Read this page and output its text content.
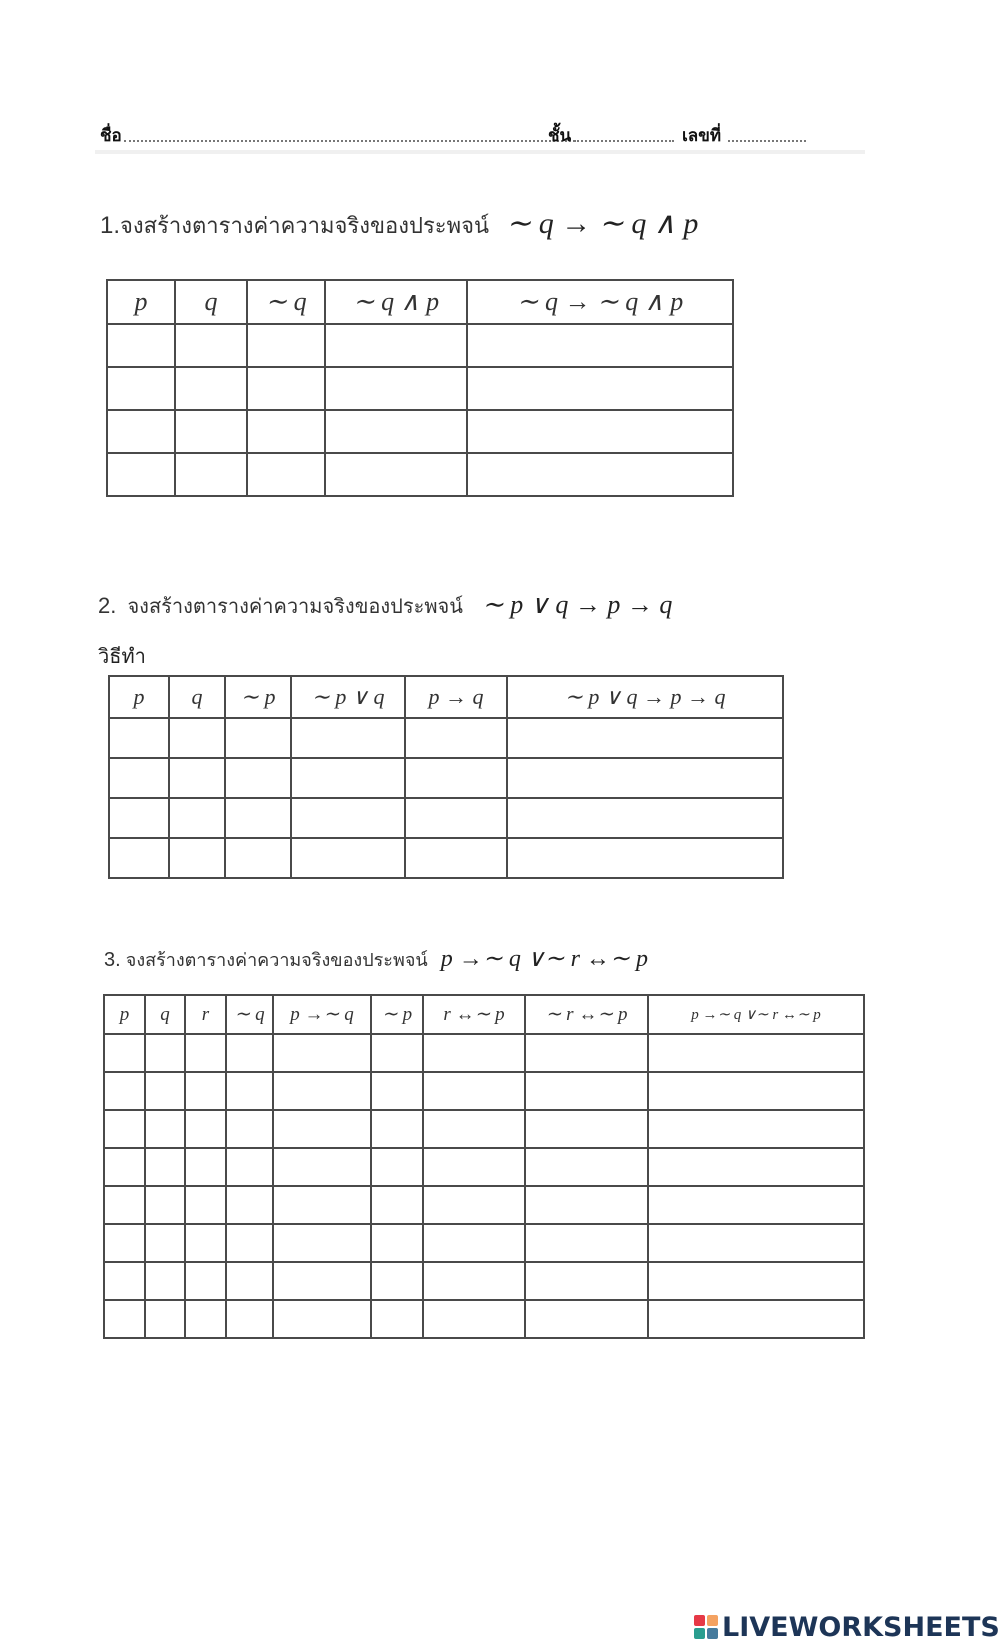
ชื่อ	ชั้น	เลขที่
1.จงสร้างตารางค่าความจริงของประพจน์ ∼ q → ∼ q ∧ p
p	q	∼ q	∼ q ∧ p	∼ q → ∼ q ∧ p

2. จงสร้างตารางค่าความจริงของประพจน์ ∼ p ∨ q → p → q
วิธีทำ
p	q	∼ p	∼ p ∨ q	p → q	∼ p ∨ q → p → q

3. จงสร้างตารางค่าความจริงของประพจน์ p →∼ q ∨∼ r ↔∼ p
p	q	r	∼ q	p →∼ q	∼ p	r ↔∼ p	∼ r ↔∼ p	p →∼ q ∨∼ r ↔∼ p

LIVEWORKSHEETS
